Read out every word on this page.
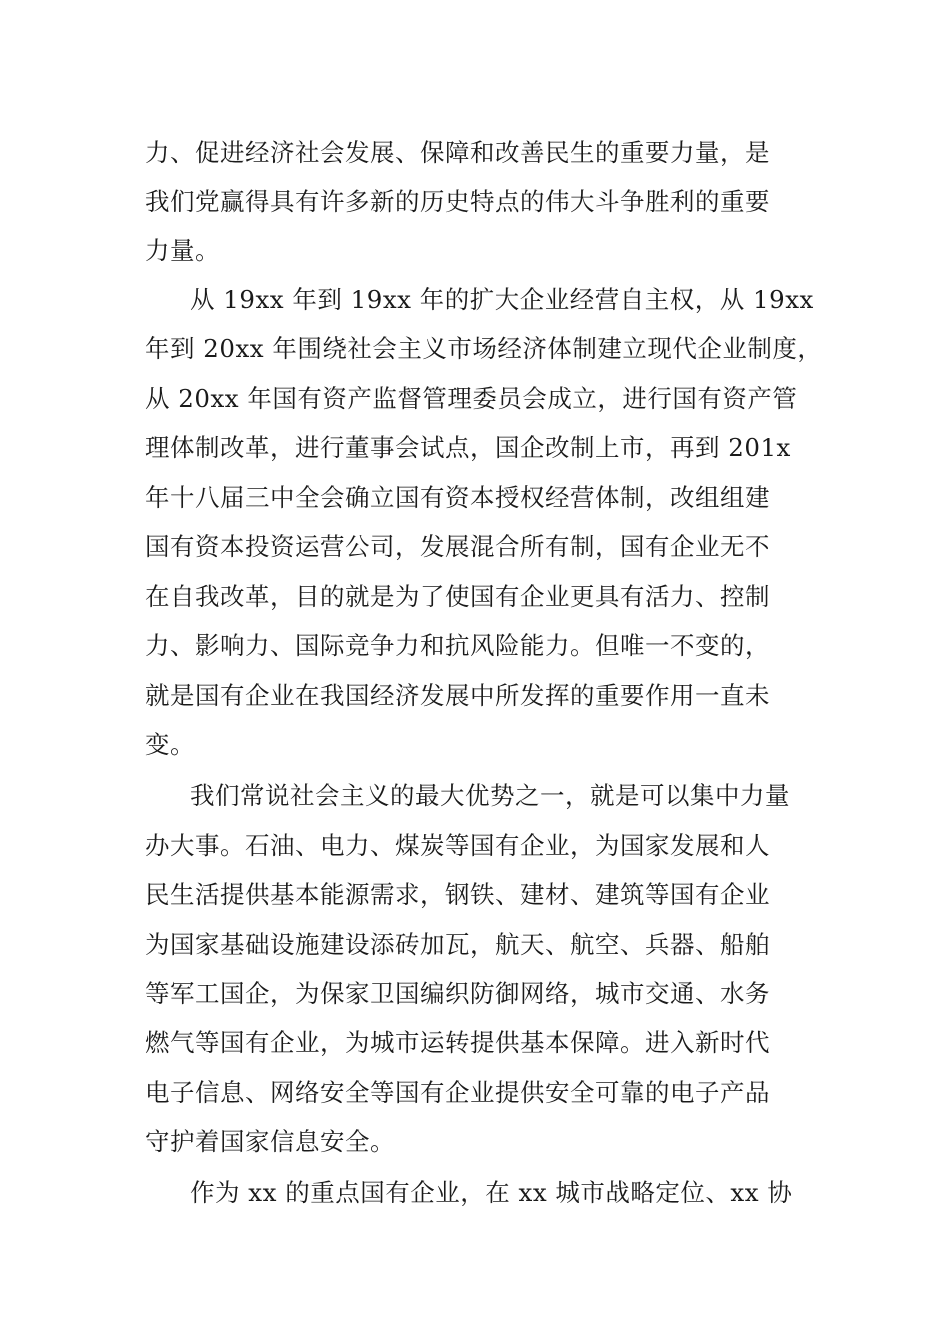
力、促进经济社会发展、保障和改善民生的重要力量，是
我们党赢得具有许多新的历史特点的伟大斗争胜利的重要
力量。
从 19xx 年到 19xx 年的扩大企业经营自主权，从 19xx
年到 20xx 年围绕社会主义市场经济体制建立现代企业制度，
从 20xx 年国有资产监督管理委员会成立，进行国有资产管
理体制改革，进行董事会试点，国企改制上市，再到 201x
年十八届三中全会确立国有资本授权经营体制，改组组建
国有资本投资运营公司，发展混合所有制，国有企业无不
在自我改革，目的就是为了使国有企业更具有活力、控制
力、影响力、国际竞争力和抗风险能力。但唯一不变的，
就是国有企业在我国经济发展中所发挥的重要作用一直未
变。
我们常说社会主义的最大优势之一，就是可以集中力量
办大事。石油、电力、煤炭等国有企业，为国家发展和人
民生活提供基本能源需求，钢铁、建材、建筑等国有企业
为国家基础设施建设添砖加瓦，航天、航空、兵器、船舶
等军工国企，为保家卫国编织防御网络，城市交通、水务
燃气等国有企业，为城市运转提供基本保障。进入新时代
电子信息、网络安全等国有企业提供安全可靠的电子产品
守护着国家信息安全。
作为 xx 的重点国有企业，在 xx 城市战略定位、xx 协
